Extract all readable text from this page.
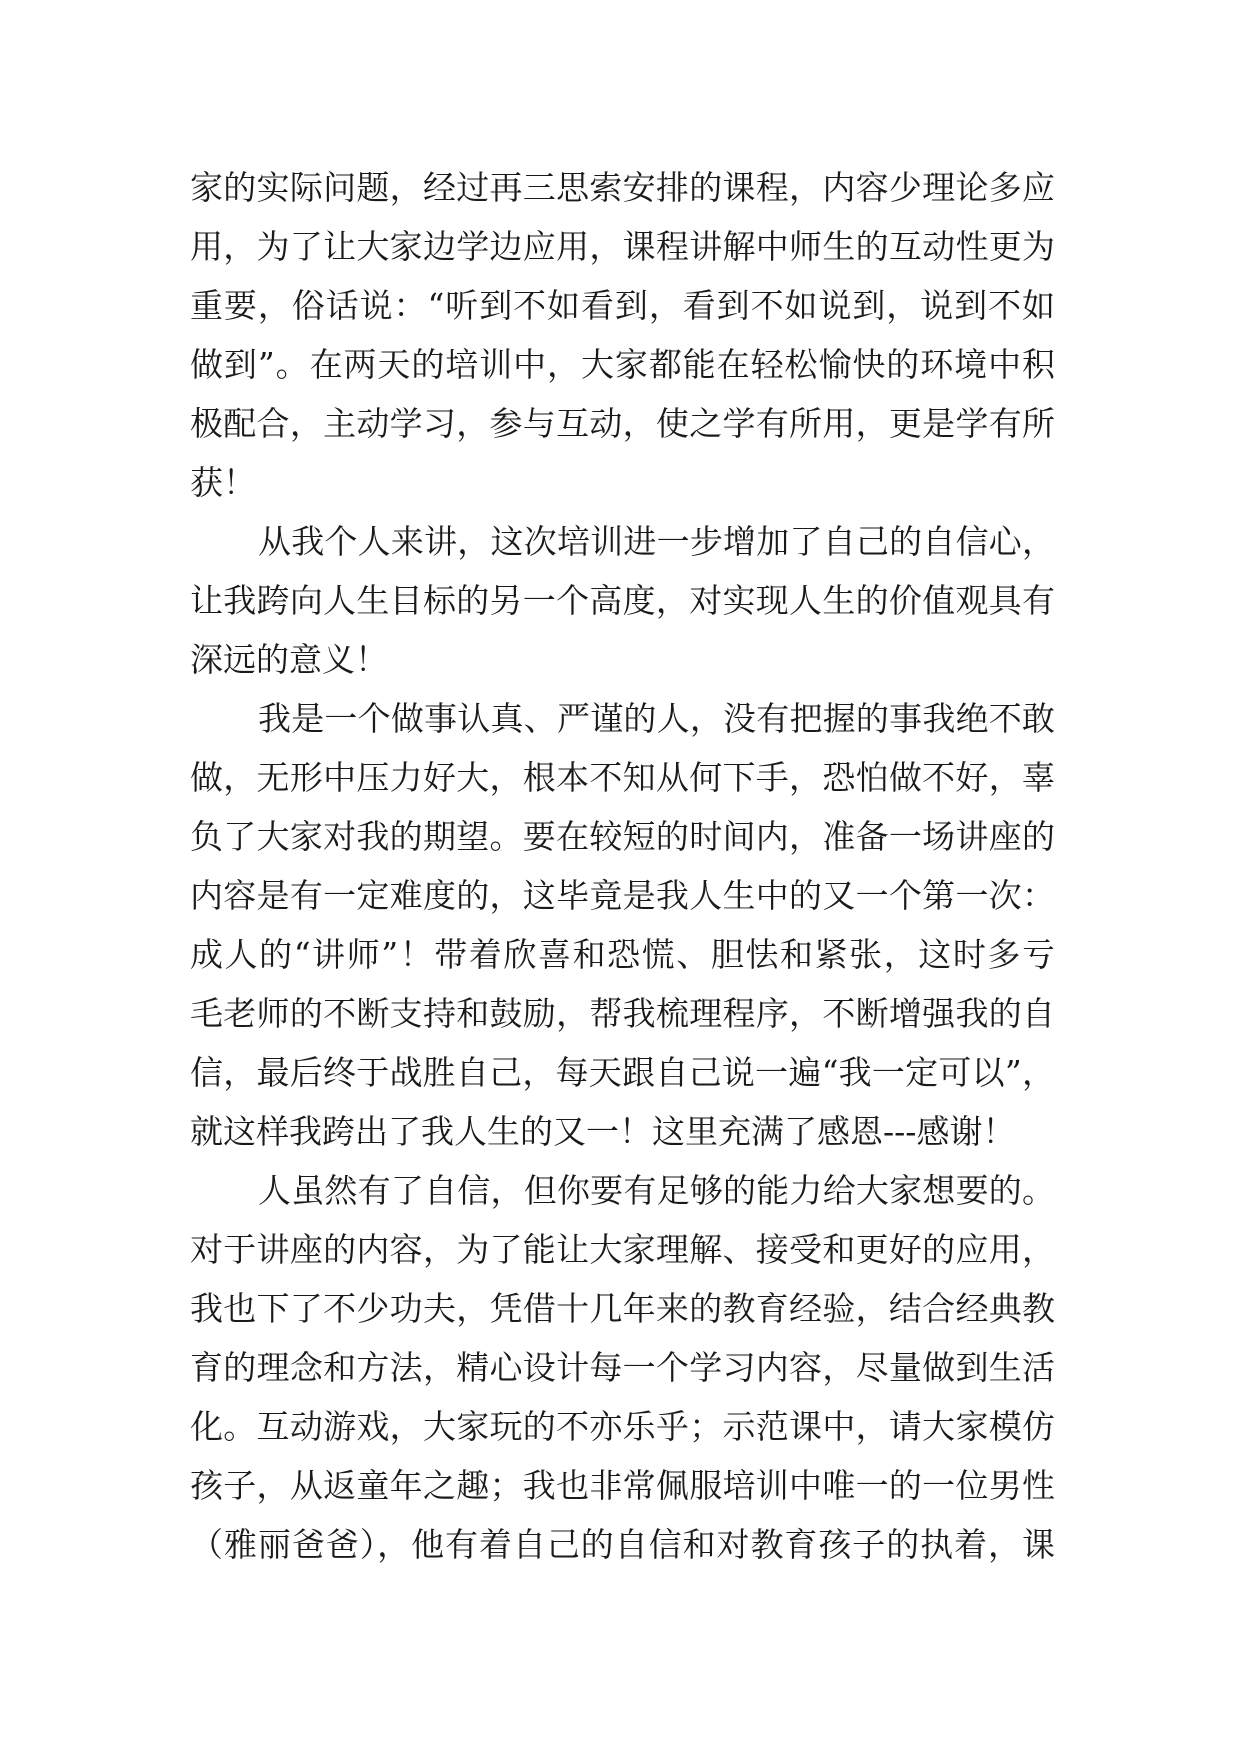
家的实际问题，经过再三思索安排的课程，内容少理论多应
用，为了让大家边学边应用，课程讲解中师生的互动性更为
重要，俗话说：“听到不如看到，看到不如说到，说到不如
做到”。在两天的培训中，大家都能在轻松愉快的环境中积
极配合，主动学习，参与互动，使之学有所用，更是学有所
获！
从我个人来讲，这次培训进一步增加了自己的自信心，
让我跨向人生目标的另一个高度，对实现人生的价值观具有
深远的意义！
我是一个做事认真、严谨的人，没有把握的事我绝不敢
做，无形中压力好大，根本不知从何下手，恐怕做不好，辜
负了大家对我的期望。要在较短的时间内，准备一场讲座的
内容是有一定难度的，这毕竟是我人生中的又一个第一次：
成人的“讲师”！带着欣喜和恐慌、胆怯和紧张，这时多亏
毛老师的不断支持和鼓励，帮我梳理程序，不断增强我的自
信，最后终于战胜自己，每天跟自己说一遍“我一定可以”，
就这样我跨出了我人生的又一！这里充满了感恩---感谢！
人虽然有了自信，但你要有足够的能力给大家想要的。
对于讲座的内容，为了能让大家理解、接受和更好的应用，
我也下了不少功夫，凭借十几年来的教育经验，结合经典教
育的理念和方法，精心设计每一个学习内容，尽量做到生活
化。互动游戏，大家玩的不亦乐乎；示范课中，请大家模仿
孩子，从返童年之趣；我也非常佩服培训中唯一的一位男性
（雅丽爸爸），他有着自己的自信和对教育孩子的执着，课
